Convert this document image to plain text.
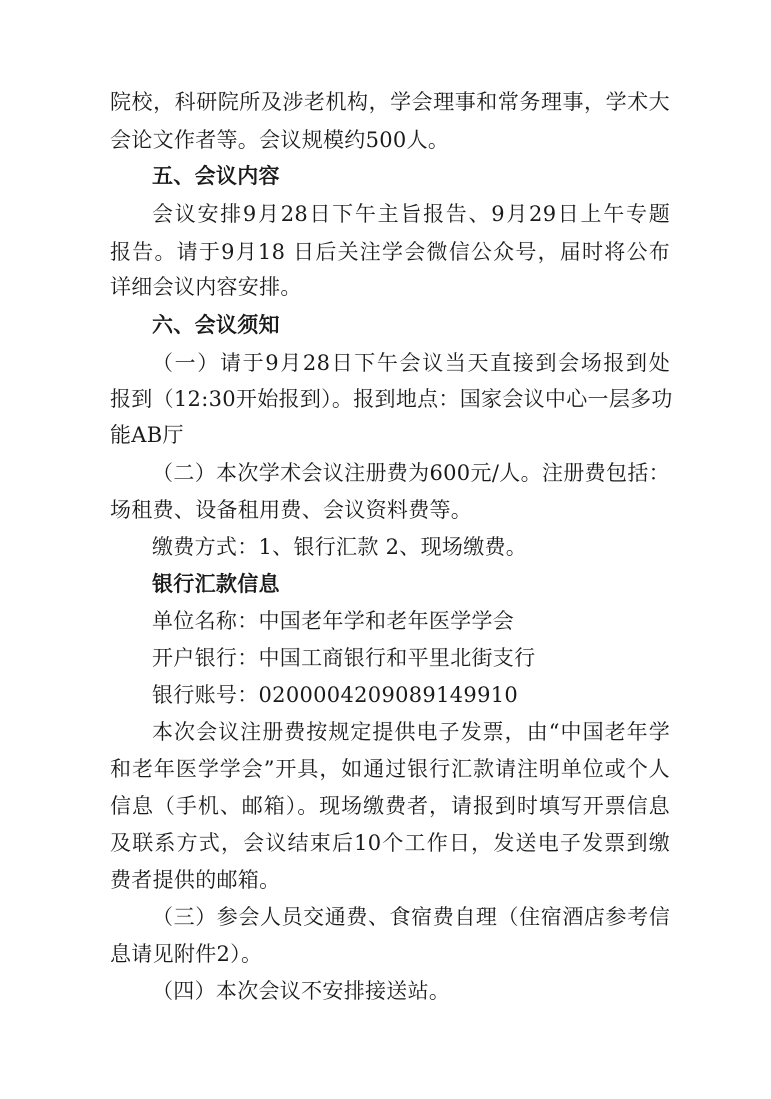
院校，科研院所及涉老机构，学会理事和常务理事，学术大
会论文作者等。会议规模约500人。
五、会议内容
会议安排9月28日下午主旨报告、9月29日上午专题
报告。请于9月18 日后关注学会微信公众号，届时将公布
详细会议内容安排。
六、会议须知
（一）请于9月28日下午会议当天直接到会场报到处
报到（12:30开始报到）。报到地点：国家会议中心一层多功
能AB厅
（二）本次学术会议注册费为600元/人。注册费包括：
场租费、设备租用费、会议资料费等。
缴费方式：1、银行汇款 2、现场缴费。
银行汇款信息
单位名称：中国老年学和老年医学学会
开户银行：中国工商银行和平里北街支行
银行账号：0200004209089149910
本次会议注册费按规定提供电子发票，由“中国老年学
和老年医学学会”开具，如通过银行汇款请注明单位或个人
信息（手机、邮箱）。现场缴费者，请报到时填写开票信息
及联系方式，会议结束后10个工作日，发送电子发票到缴
费者提供的邮箱。
（三）参会人员交通费、食宿费自理（住宿酒店参考信
息请见附件2）。
（四）本次会议不安排接送站。
